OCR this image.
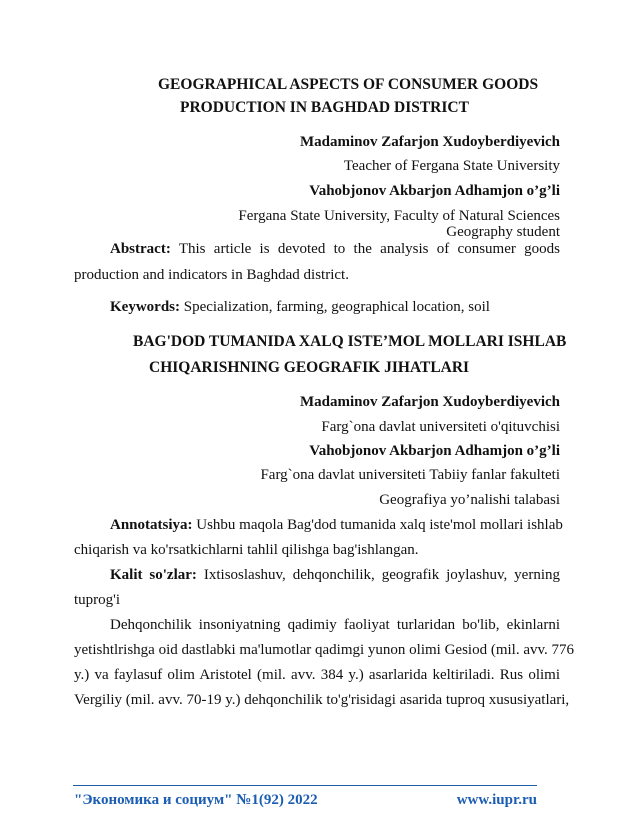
GEOGRAPHICAL ASPECTS OF CONSUMER GOODS
PRODUCTION IN BAGHDAD DISTRICT
Madaminov Zafarjon Xudoyberdiyevich
Teacher of Fergana State University
Vahobjonov Akbarjon Adhamjon o’g’li
Fergana State University, Faculty of Natural Sciences
Geography student
Abstract: This article is devoted to the analysis of consumer goods
production and indicators in Baghdad district.
Keywords: Specialization, farming, geographical location, soil
BAG'DOD TUMANIDA XALQ ISTE’MOL MOLLARI ISHLAB
CHIQARISHNING GEOGRAFIK JIHATLARI
Madaminov Zafarjon Xudoyberdiyevich
Farg`ona davlat universiteti o'qituvchisi
Vahobjonov Akbarjon Adhamjon o’g’li
Farg`ona davlat universiteti Tabiiy fanlar fakulteti
Geografiya yo’nalishi talabasi
Annotatsiya: Ushbu maqola Bag'dod tumanida xalq iste'mol mollari ishlab
chiqarish va ko'rsatkichlarni tahlil qilishga bag'ishlangan.
Kalit so'zlar: Ixtisoslashuv, dehqonchilik, geografik joylashuv, yerning
tuprog'i
Dehqonchilik insoniyatning qadimiy faoliyat turlaridan bo'lib, ekinlarni
yetishtlrishga oid dastlabki ma'lumotlar qadimgi yunon olimi Gesiod (mil. avv. 776
y.) va faylasuf olim Aristotel (mil. avv. 384 y.) asarlarida keltiriladi. Rus olimi
Vergiliy (mil. avv. 70-19 y.) dehqonchilik to'g'risidagi asarida tuproq xususiyatlari,
"Экономика и социум" №1(92) 2022	www.iupr.ru
